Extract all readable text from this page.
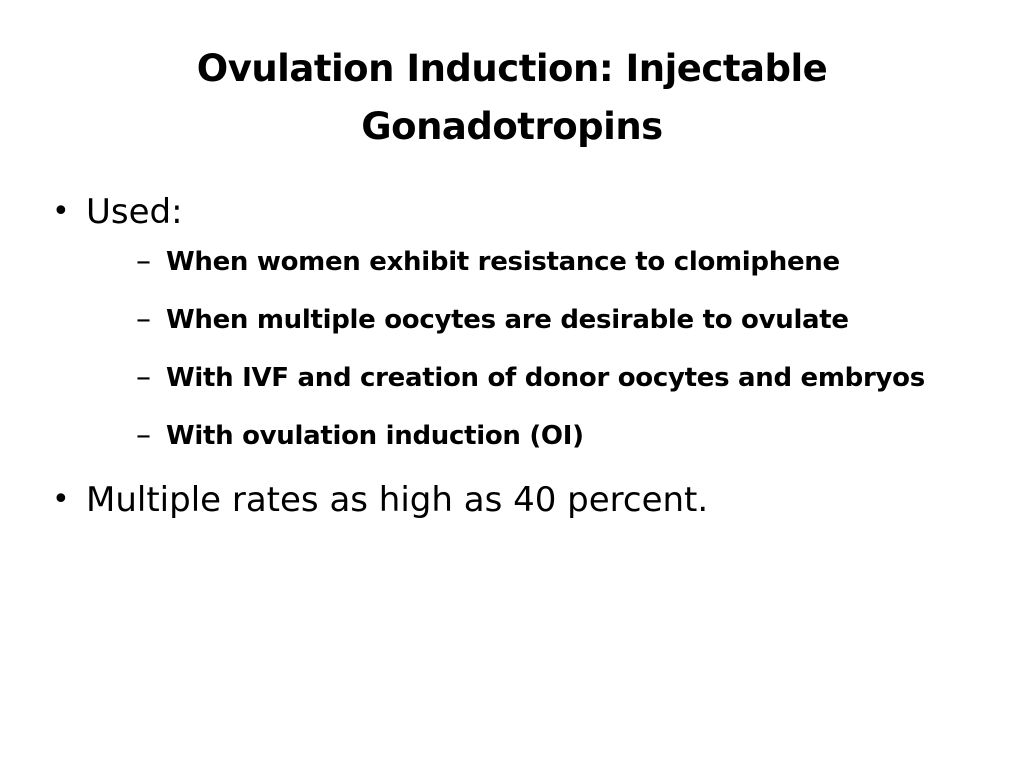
Ovulation Induction: Injectable
Gonadotropins
• Used:
– When women exhibit resistance to clomiphene
– When multiple oocytes are desirable to ovulate
– With IVF and creation of donor oocytes and embryos
– With ovulation induction (OI)
• Multiple rates as high as 40 percent.
